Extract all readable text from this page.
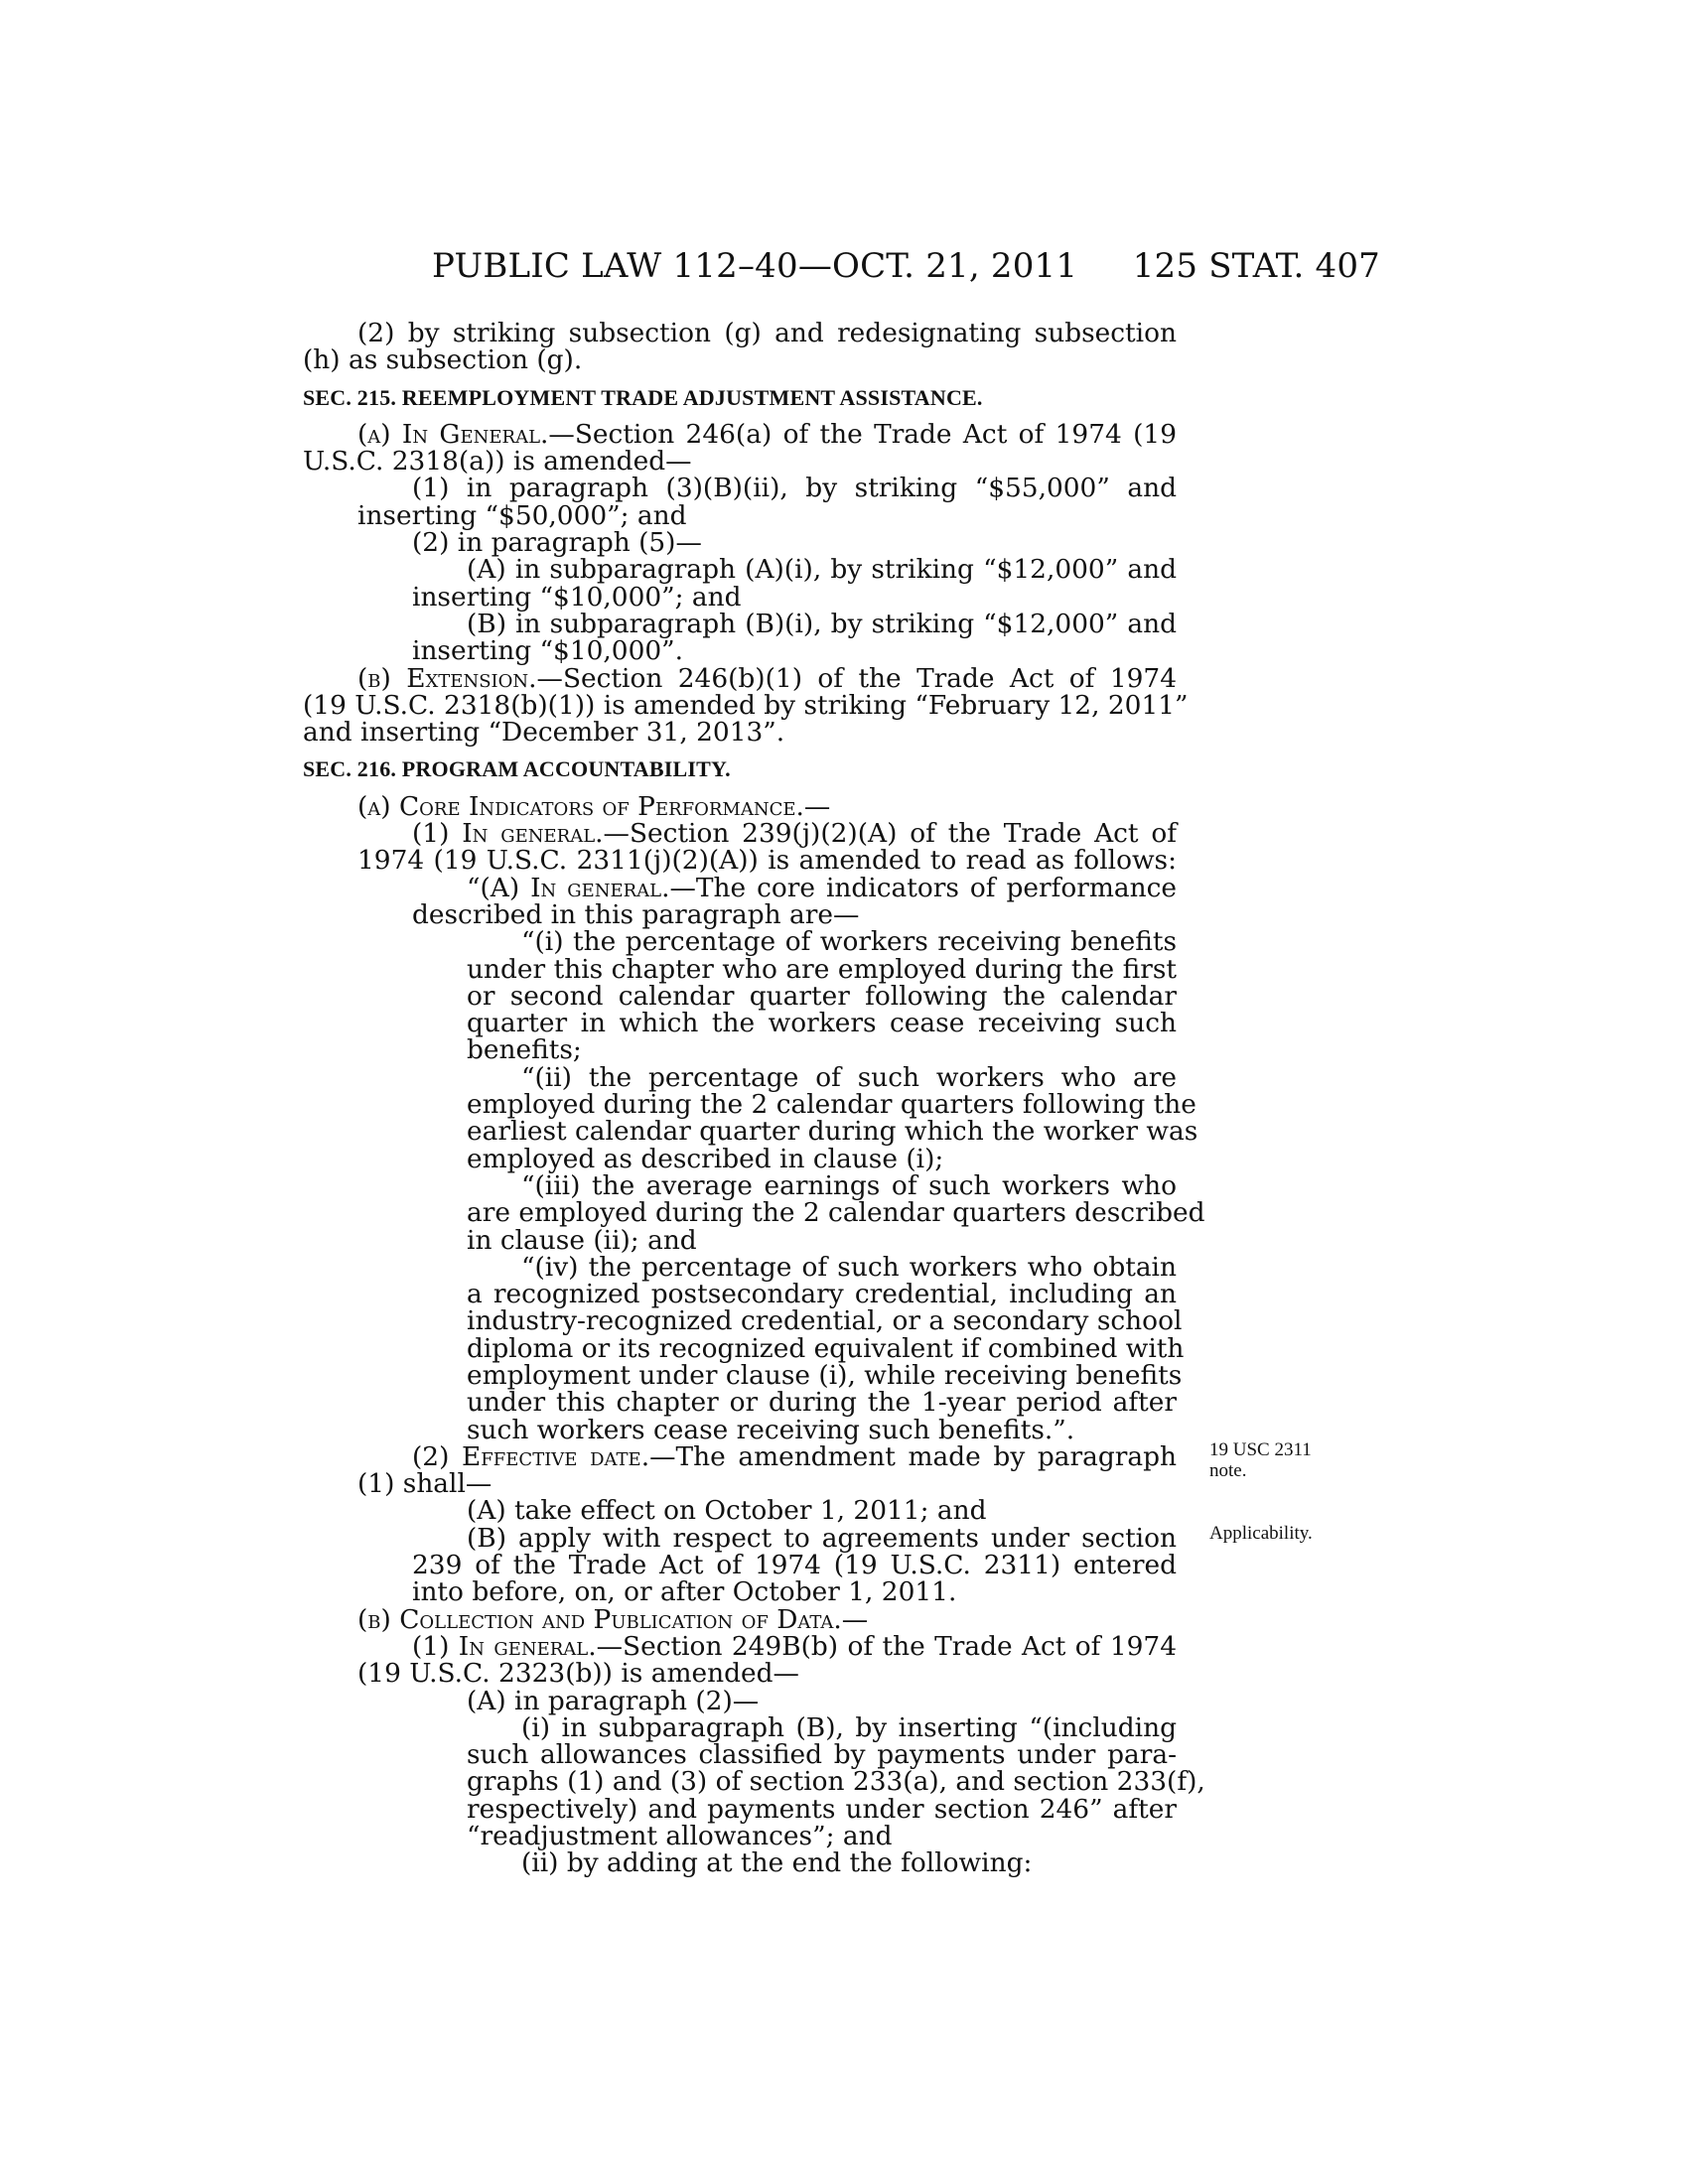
PUBLIC LAW 112–40—OCT. 21, 2011 125 STAT. 407
(2) by striking subsection (g) and redesignating subsection
(h) as subsection (g).
SEC. 215. REEMPLOYMENT TRADE ADJUSTMENT ASSISTANCE.
(a) In General.—Section 246(a) of the Trade Act of 1974 (19
U.S.C. 2318(a)) is amended—
(1) in paragraph (3)(B)(ii), by striking “$55,000” and
inserting “$50,000”; and
(2) in paragraph (5)—
(A) in subparagraph (A)(i), by striking “$12,000” and
inserting “$10,000”; and
(B) in subparagraph (B)(i), by striking “$12,000” and
inserting “$10,000”.
(b) Extension.—Section 246(b)(1) of the Trade Act of 1974
(19 U.S.C. 2318(b)(1)) is amended by striking “February 12, 2011”
and inserting “December 31, 2013”.
SEC. 216. PROGRAM ACCOUNTABILITY.
(a) Core Indicators of Performance.—
(1) In general.—Section 239(j)(2)(A) of the Trade Act of
1974 (19 U.S.C. 2311(j)(2)(A)) is amended to read as follows:
“(A) In general.—The core indicators of performance
described in this paragraph are—
“(i) the percentage of workers receiving benefits
under this chapter who are employed during the first
or second calendar quarter following the calendar
quarter in which the workers cease receiving such
benefits;
“(ii) the percentage of such workers who are
employed during the 2 calendar quarters following the
earliest calendar quarter during which the worker was
employed as described in clause (i);
“(iii) the average earnings of such workers who
are employed during the 2 calendar quarters described
in clause (ii); and
“(iv) the percentage of such workers who obtain
a recognized postsecondary credential, including an
industry-recognized credential, or a secondary school
diploma or its recognized equivalent if combined with
employment under clause (i), while receiving benefits
under this chapter or during the 1-year period after
such workers cease receiving such benefits.”.
(2) Effective date.—The amendment made by paragraph
(1) shall—
(A) take effect on October 1, 2011; and
(B) apply with respect to agreements under section
239 of the Trade Act of 1974 (19 U.S.C. 2311) entered
into before, on, or after October 1, 2011.
(b) Collection and Publication of Data.—
(1) In general.—Section 249B(b) of the Trade Act of 1974
(19 U.S.C. 2323(b)) is amended—
(A) in paragraph (2)—
(i) in subparagraph (B), by inserting “(including
such allowances classified by payments under para-
graphs (1) and (3) of section 233(a), and section 233(f),
respectively) and payments under section 246” after
“readjustment allowances”; and
(ii) by adding at the end the following:
19 USC 2311
note.
Applicability.
